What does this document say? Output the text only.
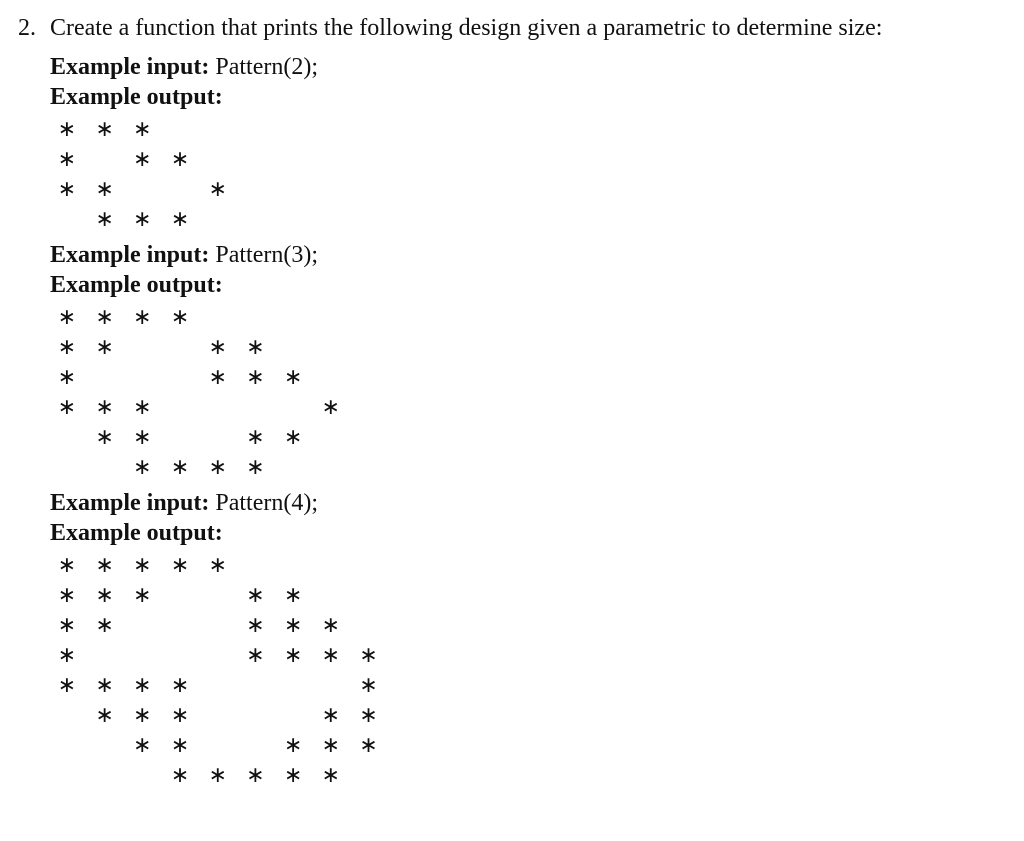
2. Create a function that prints the following design given a parametric to determine size:
Example input: Pattern(2);
Example output:
∗ ∗ ∗
∗	∗ ∗
∗ ∗	∗
∗ ∗ ∗
Example input: Pattern(3);
Example output:
∗ ∗ ∗ ∗
∗ ∗	∗ ∗
∗	∗ ∗ ∗
∗ ∗ ∗	∗
∗ ∗	∗ ∗
∗ ∗ ∗ ∗
Example input: Pattern(4);
Example output:
∗ ∗ ∗ ∗ ∗
∗ ∗ ∗	∗ ∗
∗ ∗	∗ ∗ ∗
∗	∗ ∗ ∗ ∗
∗ ∗ ∗ ∗	∗
∗ ∗ ∗	∗ ∗
∗ ∗	∗ ∗ ∗
∗ ∗ ∗ ∗ ∗
